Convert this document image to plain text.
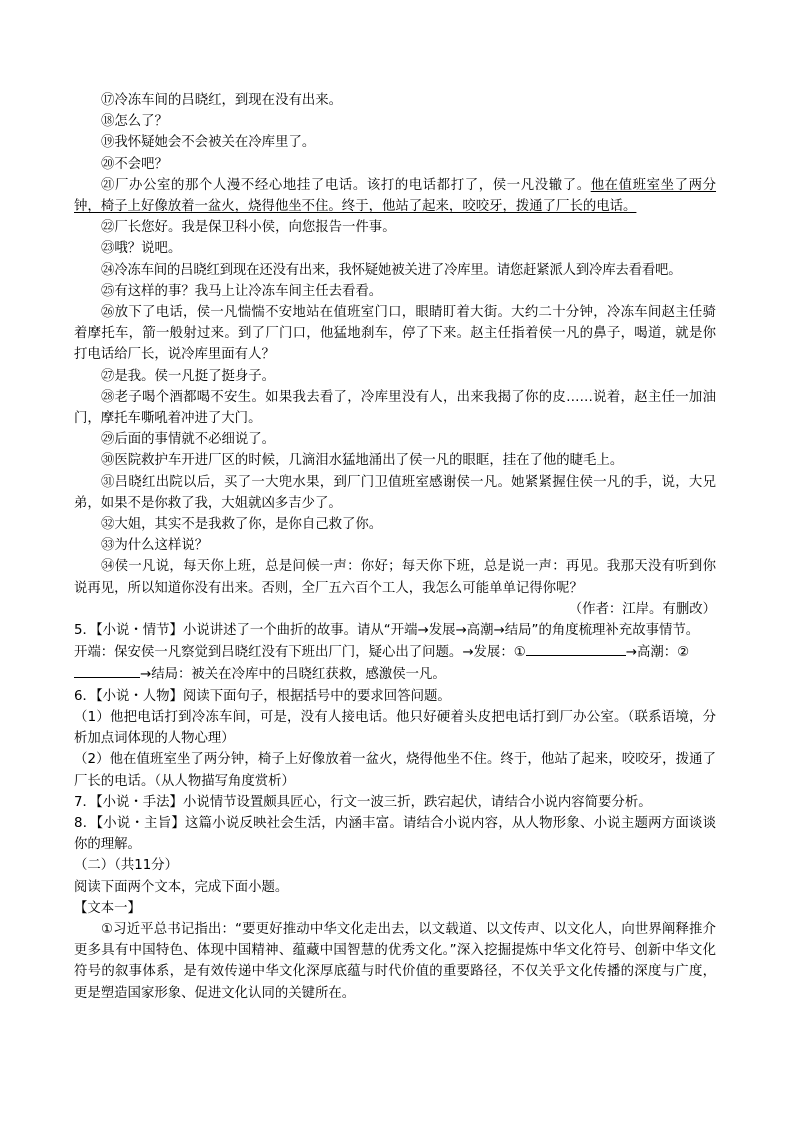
⑰冷冻车间的吕晓红，到现在没有出来。

⑱怎么了？

⑲我怀疑她会不会被关在冷库里了。

⑳不会吧？

㉑厂办公室的那个人漫不经心地挂了电话。该打的电话都打了，侯一凡没辙了。他在值班室坐了两分钟，椅子上好像放着一盆火，烧得他坐不住。终于，他站了起来，咬咬牙，拨通了厂长的电话。

㉒厂长您好。我是保卫科小侯，向您报告一件事。

㉓哦？说吧。

㉔冷冻车间的吕晓红到现在还没有出来，我怀疑她被关进了冷库里。请您赶紧派人到冷库去看看吧。

㉕有这样的事？我马上让冷冻车间主任去看看。

㉖放下了电话，侯一凡惴惴不安地站在值班室门口，眼睛盯着大街。大约二十分钟，冷冻车间赵主任骑着摩托车，箭一般射过来。到了厂门口，他猛地刹车，停了下来。赵主任指着侯一凡的鼻子，喝道，就是你打电话给厂长，说冷库里面有人？

㉗是我。侯一凡挺了挺身子。

㉘老子喝个酒都喝不安生。如果我去看了，冷库里没有人，出来我揭了你的皮……说着，赵主任一加油门，摩托车嘶吼着冲进了大门。

㉙后面的事情就不必细说了。

㉚医院救护车开进厂区的时候，几滴泪水猛地涌出了侯一凡的眼眶，挂在了他的睫毛上。

㉛吕晓红出院以后，买了一大兜水果，到厂门卫值班室感谢侯一凡。她紧紧握住侯一凡的手，说，大兄弟，如果不是你救了我，大姐就凶多吉少了。

㉜大姐，其实不是我救了你，是你自己救了你。

㉝为什么这样说？

㉞侯一凡说，每天你上班，总是问候一声：你好；每天你下班，总是说一声：再见。我那天没有听到你说再见，所以知道你没有出来。否则，全厂五六百个工人，我怎么可能单单记得你呢？

（作者：江岸。有删改）

5．【小说・情节】小说讲述了一个曲折的故事。请从“开端→发展→高潮→结局”的角度梳理补充故事情节。

开端：保安侯一凡察觉到吕晓红没有下班出厂门，疑心出了问题。→发展：①	→高潮：②
→结局：被关在冷库中的吕晓红获救，感激侯一凡。

6．【小说・人物】阅读下面句子，根据括号中的要求回答问题。

（1）他把电话打到冷冻车间，可是，没有人接电话。他只好硬着头皮把电话打到厂办公室。（联系语境，分析加点词体现的人物心理）

（2）他在值班室坐了两分钟，椅子上好像放着一盆火，烧得他坐不住。终于，他站了起来，咬咬牙，拨通了厂长的电话。（从人物描写角度赏析）

7．【小说・手法】小说情节设置颇具匠心，行文一波三折，跌宕起伏，请结合小说内容简要分析。

8．【小说・主旨】这篇小说反映社会生活，内涵丰富。请结合小说内容，从人物形象、小说主题两方面谈谈你的理解。

（二）（共11分）

阅读下面两个文本，完成下面小题。

【文本一】

①习近平总书记指出：“要更好推动中华文化走出去，以文载道、以文传声、以文化人，向世界阐释推介更多具有中国特色、体现中国精神、蕴藏中国智慧的优秀文化。”深入挖掘提炼中华文化符号、创新中华文化符号的叙事体系，是有效传递中华文化深厚底蕴与时代价值的重要路径，不仅关乎文化传播的深度与广度，更是塑造国家形象、促进文化认同的关键所在。
